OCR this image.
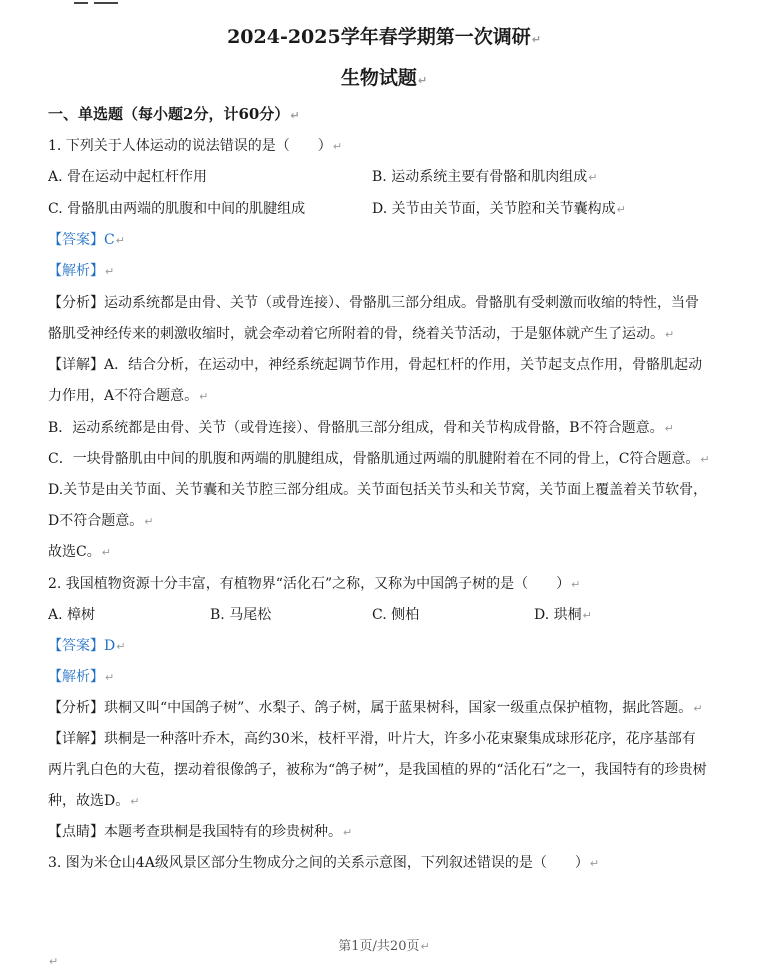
2024-2025学年春学期第一次调研↵
生物试题↵
一、单选题（每小题2分，计60分）↵
1. 下列关于人体运动的说法错误的是（　　）↵
A. 骨在运动中起杠杆作用	B. 运动系统主要有骨骼和肌肉组成↵
C. 骨骼肌由两端的肌腹和中间的肌腱组成	D. 关节由关节面，关节腔和关节囊构成↵
【答案】C↵
【解析】↵
【分析】运动系统都是由骨、关节（或骨连接）、骨骼肌三部分组成。骨骼肌有受刺激而收缩的特性，当骨
骼肌受神经传来的刺激收缩时，就会牵动着它所附着的骨，绕着关节活动，于是躯体就产生了运动。↵
【详解】A．结合分析，在运动中，神经系统起调节作用，骨起杠杆的作用，关节起支点作用，骨骼肌起动
力作用，A不符合题意。↵
B．运动系统都是由骨、关节（或骨连接）、骨骼肌三部分组成，骨和关节构成骨骼，B不符合题意。↵
C．一块骨骼肌由中间的肌腹和两端的肌腱组成，骨骼肌通过两端的肌腱附着在不同的骨上，C符合题意。↵
D.关节是由关节面、关节囊和关节腔三部分组成。关节面包括关节头和关节窝，关节面上覆盖着关节软骨，
D不符合题意。↵
故选C。↵
2. 我国植物资源十分丰富，有植物界“活化石”之称，又称为中国鸽子树的是（　　）↵
A. 樟树	B. 马尾松	C. 侧柏	D. 珙桐↵
【答案】D↵
【解析】↵
【分析】珙桐又叫“中国鸽子树”、水梨子、鸽子树，属于蓝果树科，国家一级重点保护植物，据此答题。↵
【详解】珙桐是一种落叶乔木，高约30米，枝杆平滑，叶片大，许多小花束聚集成球形花序，花序基部有
两片乳白色的大苞，摆动着很像鸽子，被称为“鸽子树”，是我国植的界的“活化石”之一，我国特有的珍贵树
种，故选D。↵
【点睛】本题考查珙桐是我国特有的珍贵树种。↵
3. 图为米仓山4A级风景区部分生物成分之间的关系示意图，下列叙述错误的是（　　）↵
第1页/共20页↵
↵
